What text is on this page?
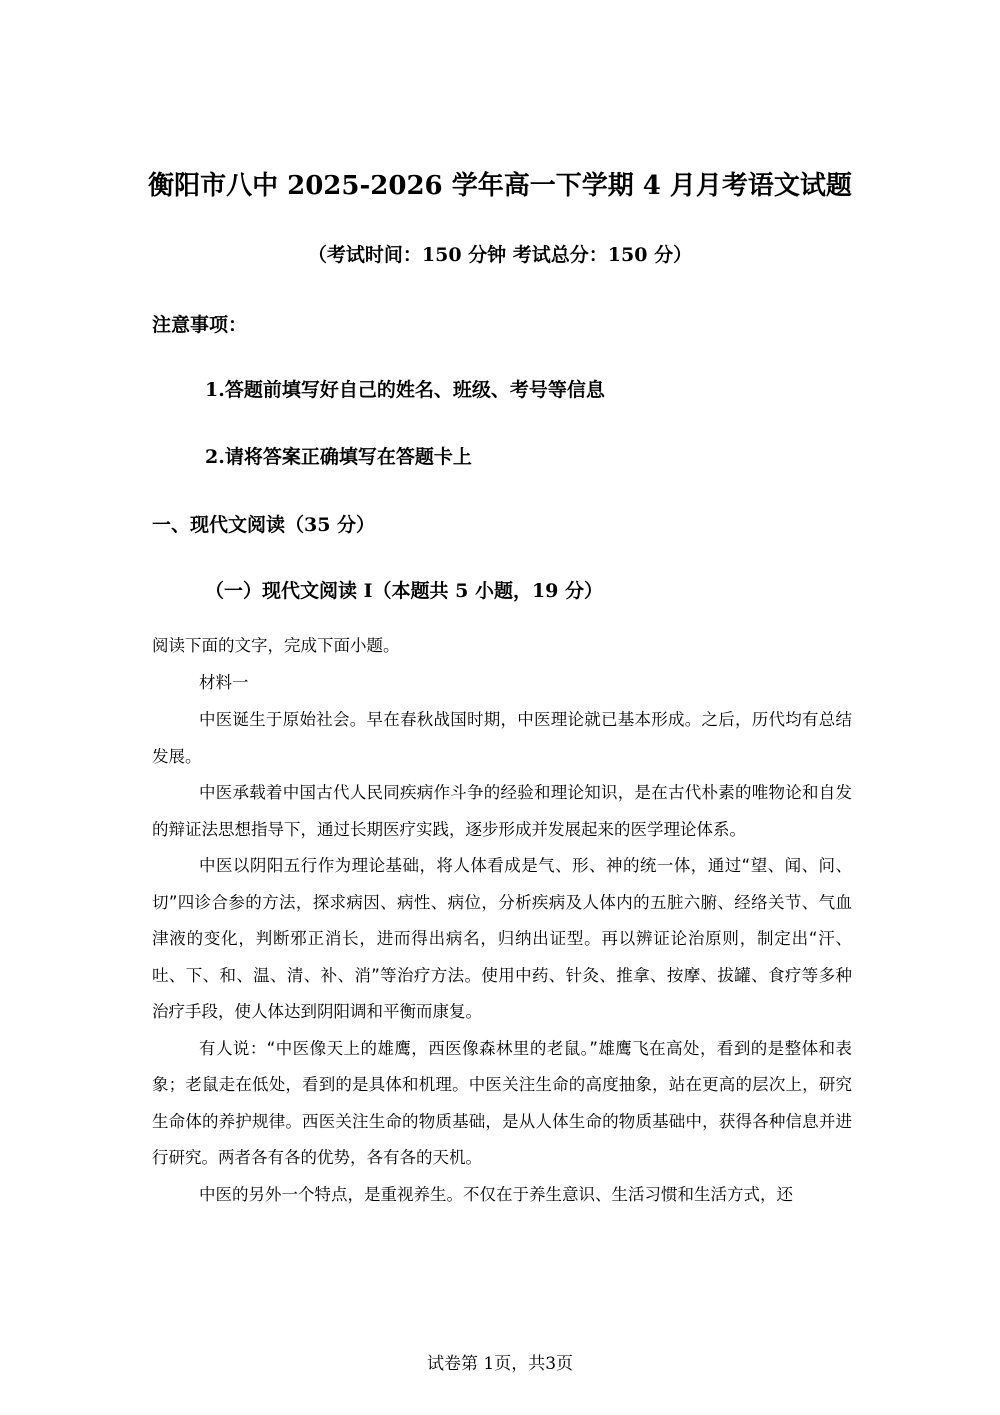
衡阳市八中 2025-2026 学年高一下学期 4 月月考语文试题
（考试时间：150 分钟 考试总分：150 分）
注意事项：
1.答题前填写好自己的姓名、班级、考号等信息
2.请将答案正确填写在答题卡上
一、现代文阅读（35 分）
（一）现代文阅读 I（本题共 5 小题，19 分）
阅读下面的文字，完成下面小题。
材料一

中医诞生于原始社会。早在春秋战国时期，中医理论就已基本形成。之后，历代均有总结发展。

中医承载着中国古代人民同疾病作斗争的经验和理论知识，是在古代朴素的唯物论和自发的辩证法思想指导下，通过长期医疗实践，逐步形成并发展起来的医学理论体系。

中医以阴阳五行作为理论基础，将人体看成是气、形、神的统一体，通过“望、闻、问、切”四诊合参的方法，探求病因、病性、病位，分析疾病及人体内的五脏六腑、经络关节、气血津液的变化，判断邪正消长，进而得出病名，归纳出证型。再以辨证论治原则，制定出“汗、吐、下、和、温、清、补、消”等治疗方法。使用中药、针灸、推拿、按摩、拔罐、食疗等多种治疗手段，使人体达到阴阳调和平衡而康复。

有人说：“中医像天上的雄鹰，西医像森林里的老鼠。”雄鹰飞在高处，看到的是整体和表象；老鼠走在低处，看到的是具体和机理。中医关注生命的高度抽象，站在更高的层次上，研究生命体的养护规律。西医关注生命的物质基础，是从人体生命的物质基础中，获得各种信息并进行研究。两者各有各的优势，各有各的天机。

中医的另外一个特点，是重视养生。不仅在于养生意识、生活习惯和生活方式，还

试卷第 1页，共3页
